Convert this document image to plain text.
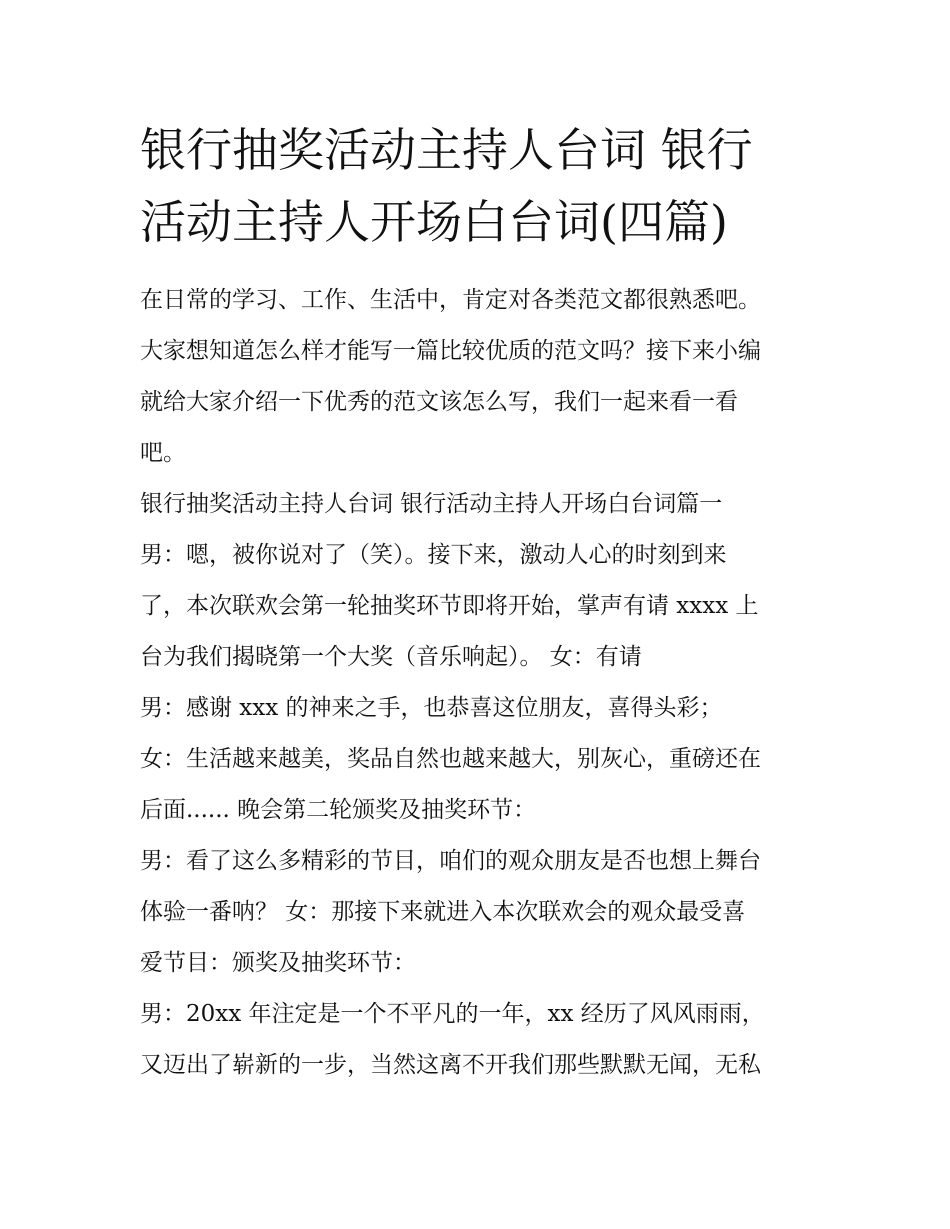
银行抽奖活动主持人台词 银行
活动主持人开场白台词(四篇)
在日常的学习、工作、生活中，肯定对各类范文都很熟悉吧。
大家想知道怎么样才能写一篇比较优质的范文吗？接下来小编
就给大家介绍一下优秀的范文该怎么写，我们一起来看一看
吧。
银行抽奖活动主持人台词 银行活动主持人开场白台词篇一
男：嗯，被你说对了（笑）。接下来，激动人心的时刻到来
了，本次联欢会第一轮抽奖环节即将开始，掌声有请 xxxx 上
台为我们揭晓第一个大奖（音乐响起）。 女：有请
男：感谢 xxx 的神来之手，也恭喜这位朋友，喜得头彩；
女：生活越来越美，奖品自然也越来越大，别灰心，重磅还在
后面...... 晚会第二轮颁奖及抽奖环节：
男：看了这么多精彩的节目，咱们的观众朋友是否也想上舞台
体验一番呐？ 女：那接下来就进入本次联欢会的观众最受喜
爱节目：颁奖及抽奖环节：
男：20xx 年注定是一个不平凡的一年，xx 经历了风风雨雨，
又迈出了崭新的一步，当然这离不开我们那些默默无闻，无私
